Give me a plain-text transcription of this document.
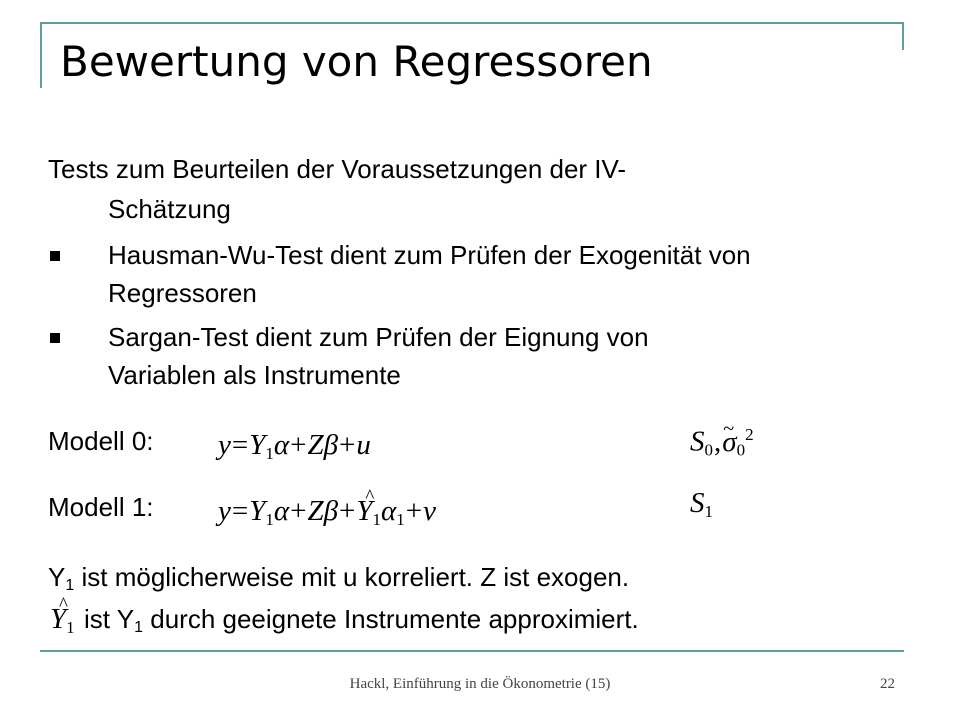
Bewertung von Regressoren
Tests zum Beurteilen der Voraussetzungen der IV-
Schätzung
Hausman-Wu-Test dient zum Prüfen der Exogenität von
Regressoren
Sargan-Test dient zum Prüfen der Eignung von
Variablen als Instrumente
Modell 0: $y=Y_1\alpha+Z\beta+u$	$S_0,\sim$ $\sigma_0^2$
Modell 1: $y=Y_1\alpha+Z\beta+\^{}$ $Y_1\alpha_1+v$	$S_1$
$Y_1$ ist möglicherweise mit u korreliert. Z ist exogen.
^ $Y_1$ ist $Y_1$ durch geeignete Instrumente approximiert.
Hackl, Einführung in die Ökonometrie (15)	22
